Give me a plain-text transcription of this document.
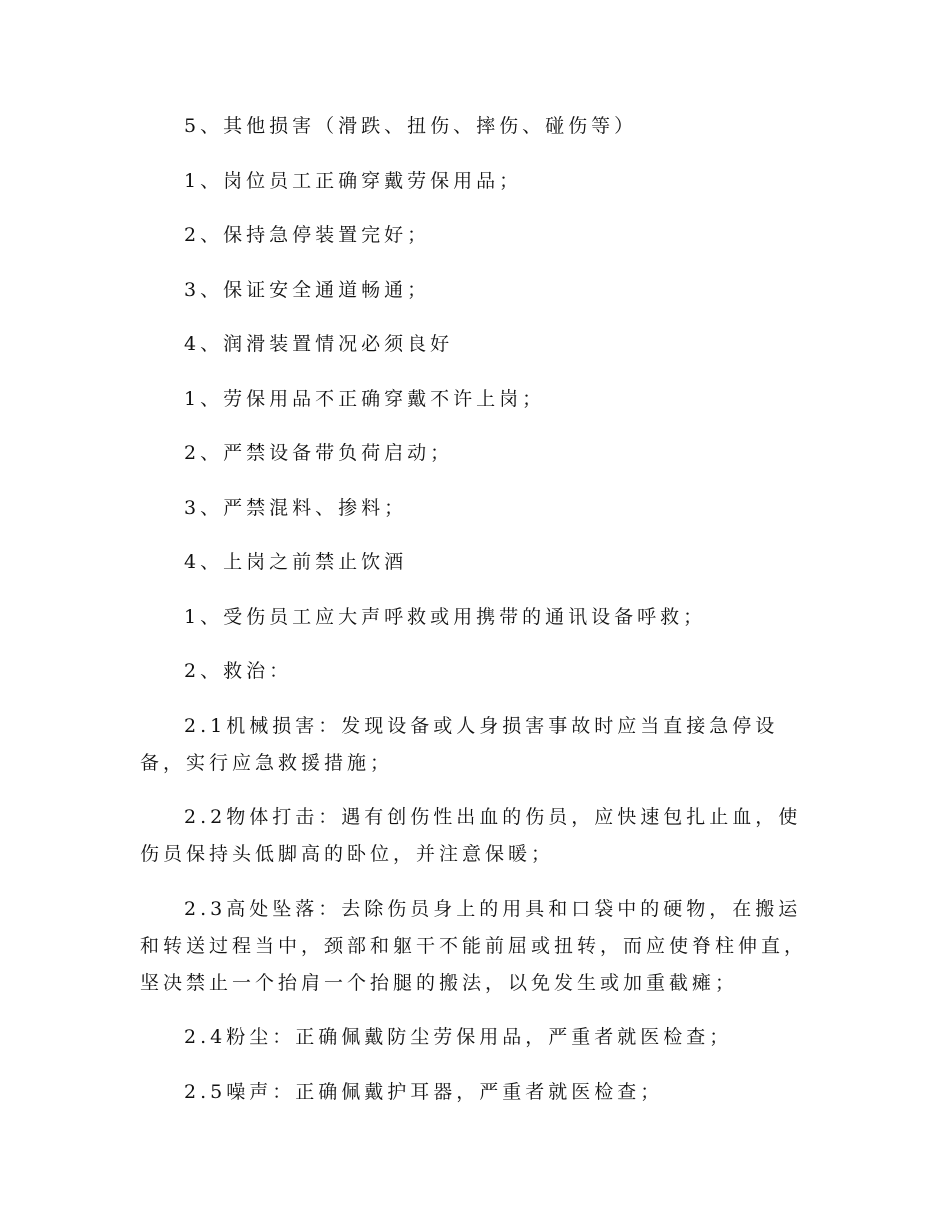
5、其他损害（滑跌、扭伤、摔伤、碰伤等）

1、岗位员工正确穿戴劳保用品；

2、保持急停装置完好；

3、保证安全通道畅通；

4、润滑装置情况必须良好

1、劳保用品不正确穿戴不许上岗；

2、严禁设备带负荷启动；

3、严禁混料、掺料；

4、上岗之前禁止饮酒

1、受伤员工应大声呼救或用携带的通讯设备呼救；

2、救治：

2.1机械损害：发现设备或人身损害事故时应当直接急停设备，实行应急救援措施；

2.2物体打击：遇有创伤性出血的伤员，应快速包扎止血，使伤员保持头低脚高的卧位，并注意保暖；

2.3高处坠落：去除伤员身上的用具和口袋中的硬物，在搬运和转送过程当中，颈部和躯干不能前屈或扭转，而应使脊柱伸直，坚决禁止一个抬肩一个抬腿的搬法，以免发生或加重截瘫；

2.4粉尘：正确佩戴防尘劳保用品，严重者就医检查；

2.5噪声：正确佩戴护耳器，严重者就医检查；
